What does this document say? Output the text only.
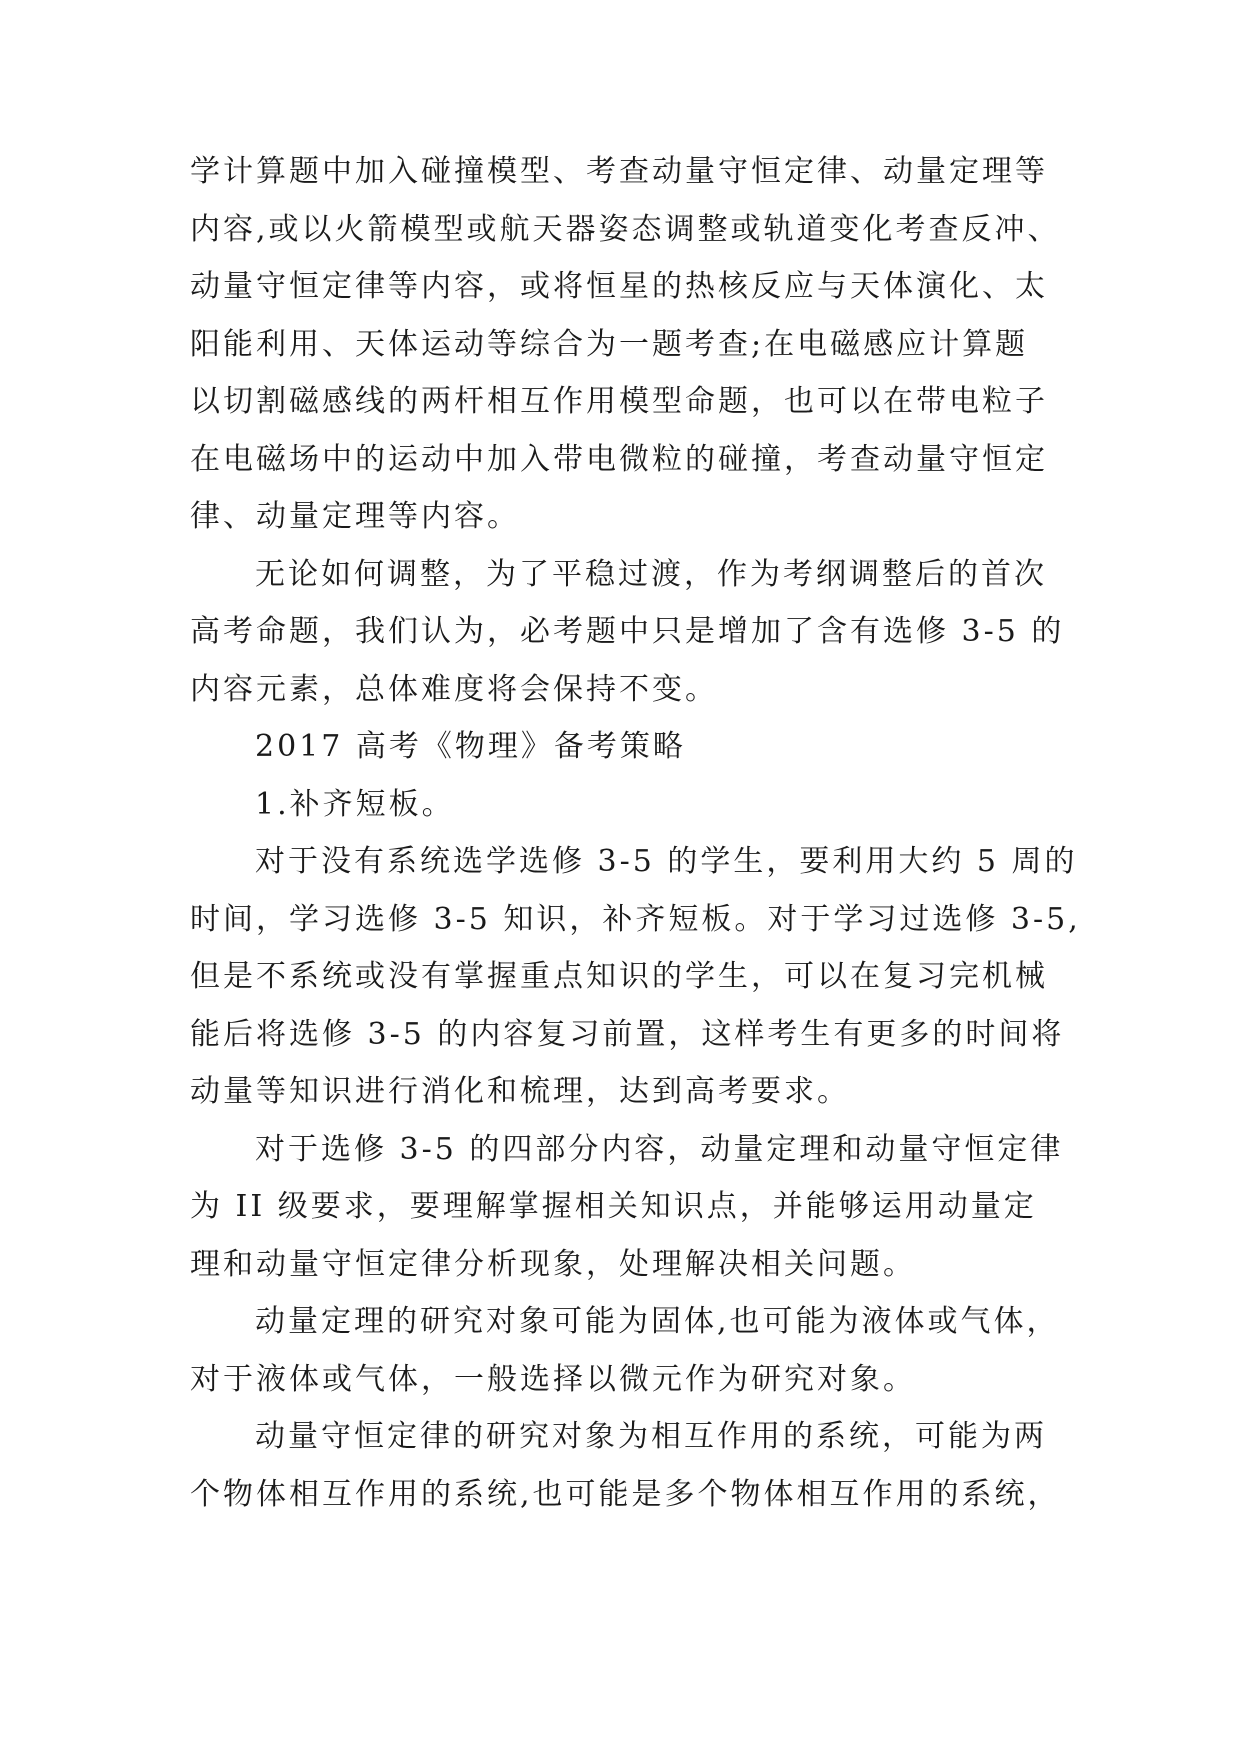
学计算题中加入碰撞模型、考查动量守恒定律、动量定理等
内容,或以火箭模型或航天器姿态调整或轨道变化考查反冲、
动量守恒定律等内容，或将恒星的热核反应与天体演化、太
阳能利用、天体运动等综合为一题考查;在电磁感应计算题
以切割磁感线的两杆相互作用模型命题，也可以在带电粒子
在电磁场中的运动中加入带电微粒的碰撞，考查动量守恒定
律、动量定理等内容。
无论如何调整，为了平稳过渡，作为考纲调整后的首次
高考命题，我们认为，必考题中只是增加了含有选修 3-5 的
内容元素，总体难度将会保持不变。
2017 高考《物理》备考策略
1.补齐短板。
对于没有系统选学选修 3-5 的学生，要利用大约 5 周的
时间，学习选修 3-5 知识，补齐短板。对于学习过选修 3-5,
但是不系统或没有掌握重点知识的学生，可以在复习完机械
能后将选修 3-5 的内容复习前置，这样考生有更多的时间将
动量等知识进行消化和梳理，达到高考要求。
对于选修 3-5 的四部分内容，动量定理和动量守恒定律
为 II 级要求，要理解掌握相关知识点，并能够运用动量定
理和动量守恒定律分析现象，处理解决相关问题。
动量定理的研究对象可能为固体,也可能为液体或气体，
对于液体或气体，一般选择以微元作为研究对象。
动量守恒定律的研究对象为相互作用的系统，可能为两
个物体相互作用的系统,也可能是多个物体相互作用的系统，
